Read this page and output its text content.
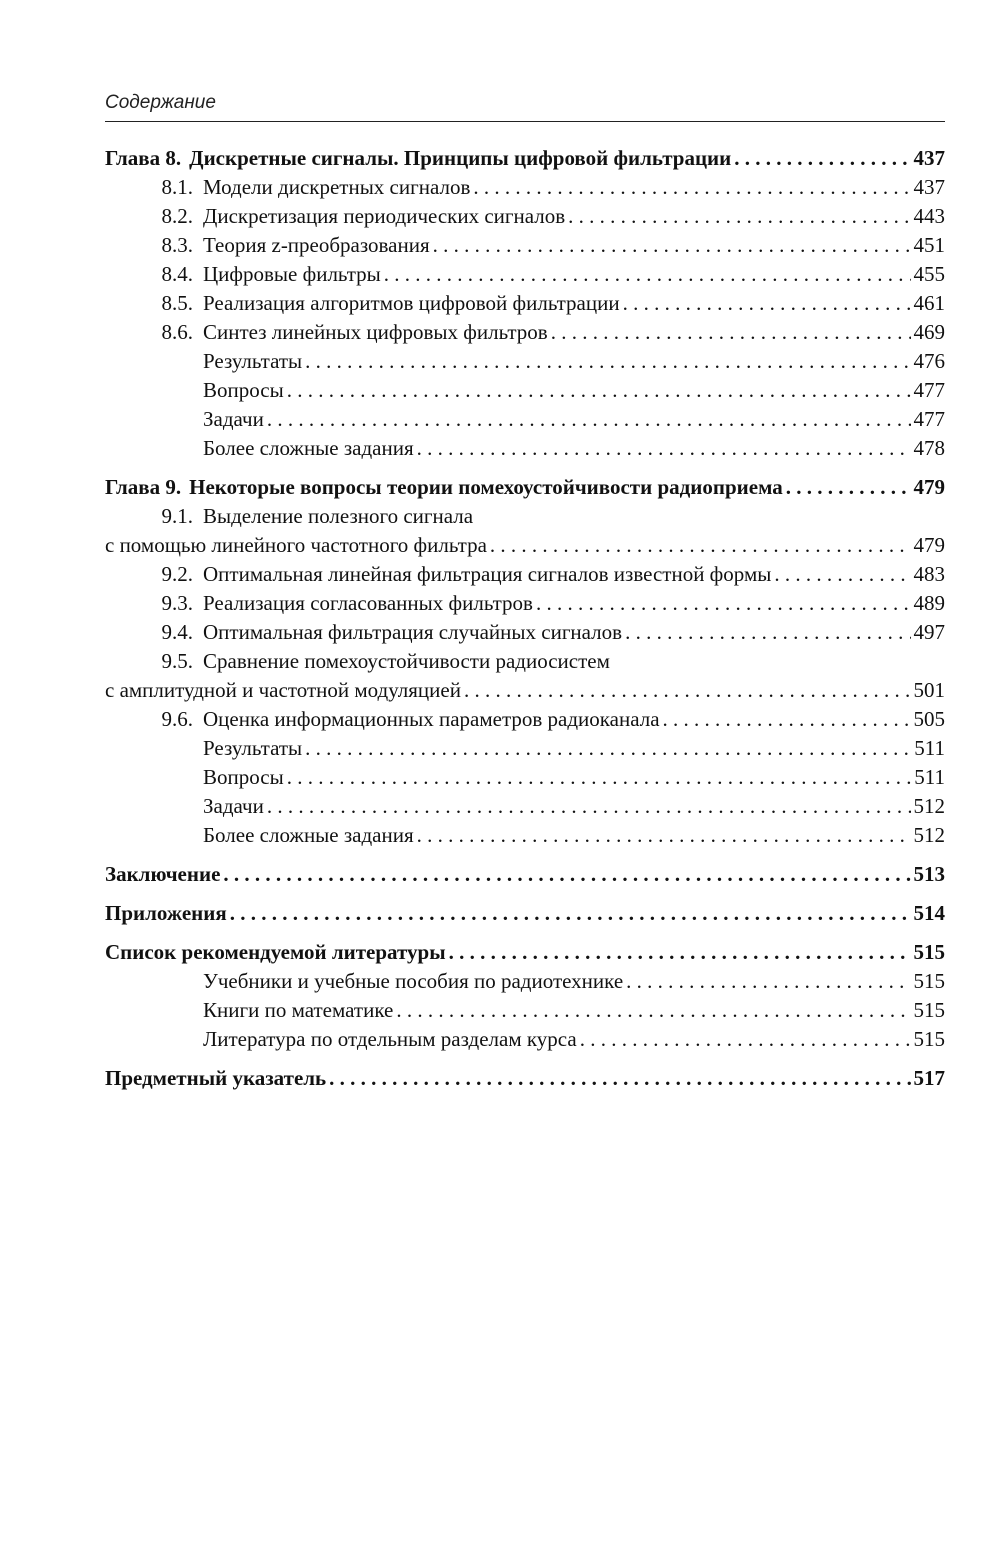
Содержание
Глава 8. Дискретные сигналы. Принципы цифровой фильтрации . . .	437
8.1. Модели дискретных сигналов . . .	437
8.2. Дискретизация периодических сигналов . . .	443
8.3. Теория z-преобразования . . .	451
8.4. Цифровые фильтры . . .	455
8.5. Реализация алгоритмов цифровой фильтрации . . .	461
8.6. Синтез линейных цифровых фильтров . . .	469
Результаты . . .	476
Вопросы . . .	477
Задачи . . .	477
Более сложные задания . . .	478
Глава 9. Некоторые вопросы теории помехоустойчивости радиоприема . . .	479
9.1. Выделение полезного сигнала
с помощью линейного частотного фильтра . . .	479
9.2. Оптимальная линейная фильтрация сигналов известной формы . . .	483
9.3. Реализация согласованных фильтров . . .	489
9.4. Оптимальная фильтрация случайных сигналов . . .	497
9.5. Сравнение помехоустойчивости радиосистем
с амплитудной и частотной модуляцией . . .	501
9.6. Оценка информационных параметров радиоканала . . .	505
Результаты . . .	511
Вопросы . . .	511
Задачи . . .	512
Более сложные задания . . .	512
Заключение . . .	513
Приложения . . .	514
Список рекомендуемой литературы . . .	515
Учебники и учебные пособия по радиотехнике . . .	515
Книги по математике . . .	515
Литература по отдельным разделам курса . . .	515
Предметный указатель . . .	517
